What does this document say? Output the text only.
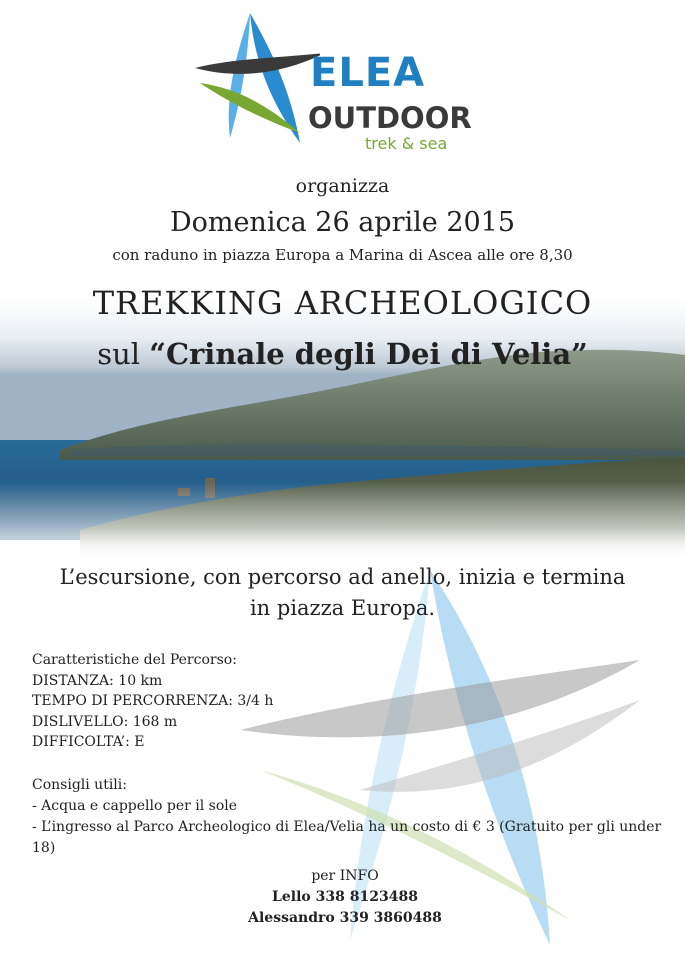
ELEA
OUTDOOR
trek & sea
organizza
Domenica 26 aprile 2015
con raduno in piazza Europa a Marina di Ascea alle ore 8,30
TREKKING ARCHEOLOGICO
sul “Crinale degli Dei di Velia”
L’escursione, con percorso ad anello, inizia e termina
in piazza Europa.
Caratteristiche del Percorso:
DISTANZA: 10 km
TEMPO DI PERCORRENZA: 3/4 h
DISLIVELLO: 168 m
DIFFICOLTA’: E
Consigli utili:
- Acqua e cappello per il sole
- L’ingresso al Parco Archeologico di Elea/Velia ha un costo di € 3 (Gratuito per gli under 18)
per INFO
Lello 338 8123488
Alessandro 339 3860488
